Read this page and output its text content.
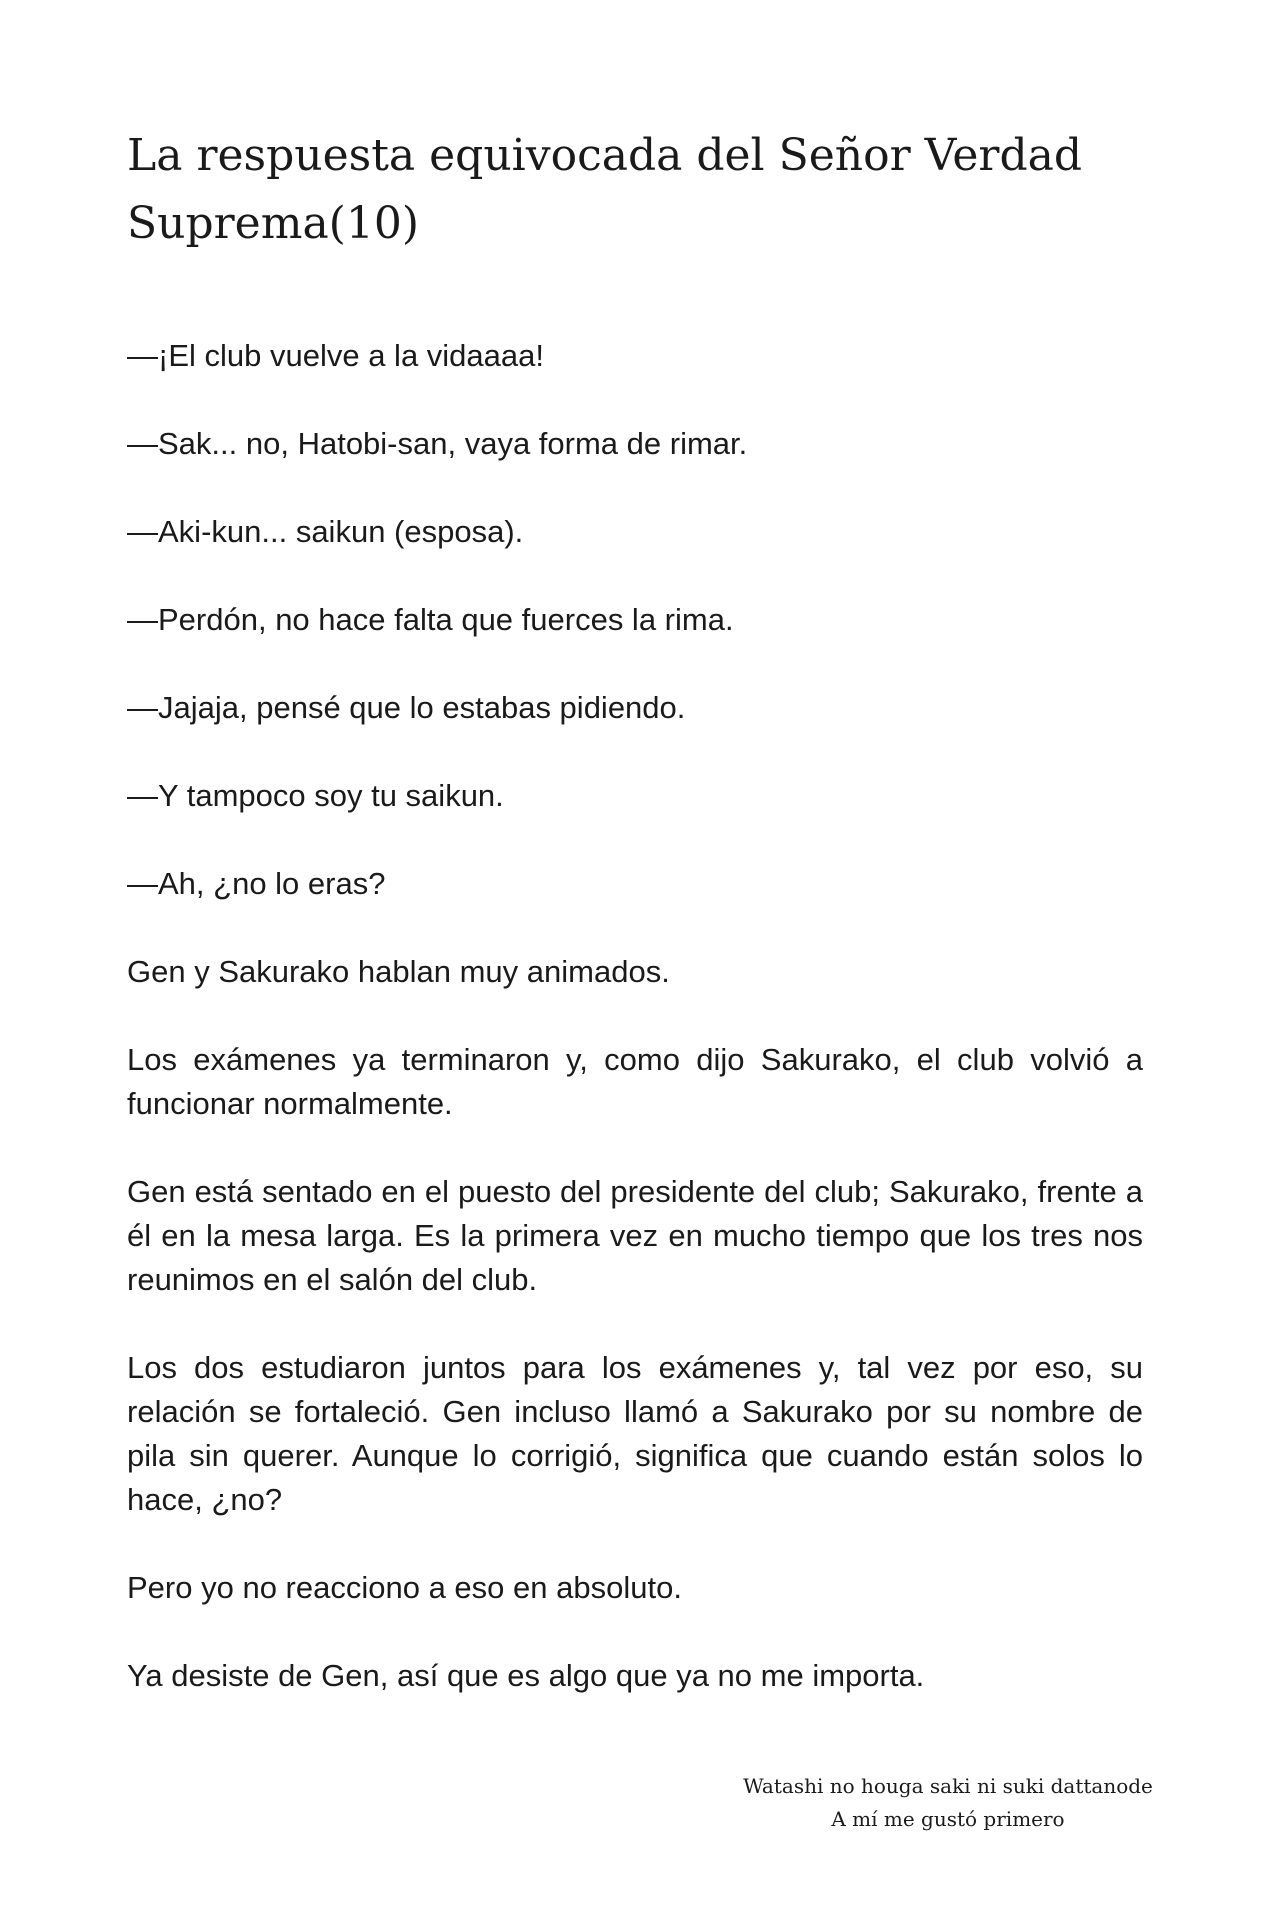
La respuesta equivocada del Señor Verdad Suprema(10)

—¡El club vuelve a la vidaaaa!

—Sak... no, Hatobi-san, vaya forma de rimar.

—Aki-kun... saikun (esposa).

—Perdón, no hace falta que fuerces la rima.

—Jajaja, pensé que lo estabas pidiendo.

—Y tampoco soy tu saikun.

—Ah, ¿no lo eras?

Gen y Sakurako hablan muy animados.

Los exámenes ya terminaron y, como dijo Sakurako, el club volvió a funcionar normalmente.

Gen está sentado en el puesto del presidente del club; Sakurako, frente a él en la mesa larga. Es la primera vez en mucho tiempo que los tres nos reunimos en el salón del club.

Los dos estudiaron juntos para los exámenes y, tal vez por eso, su relación se fortaleció. Gen incluso llamó a Sakurako por su nombre de pila sin querer. Aunque lo corrigió, significa que cuando están solos lo hace, ¿no?

Pero yo no reacciono a eso en absoluto.

Ya desiste de Gen, así que es algo que ya no me importa.

Watashi no houga saki ni suki dattanode
A mí me gustó primero
